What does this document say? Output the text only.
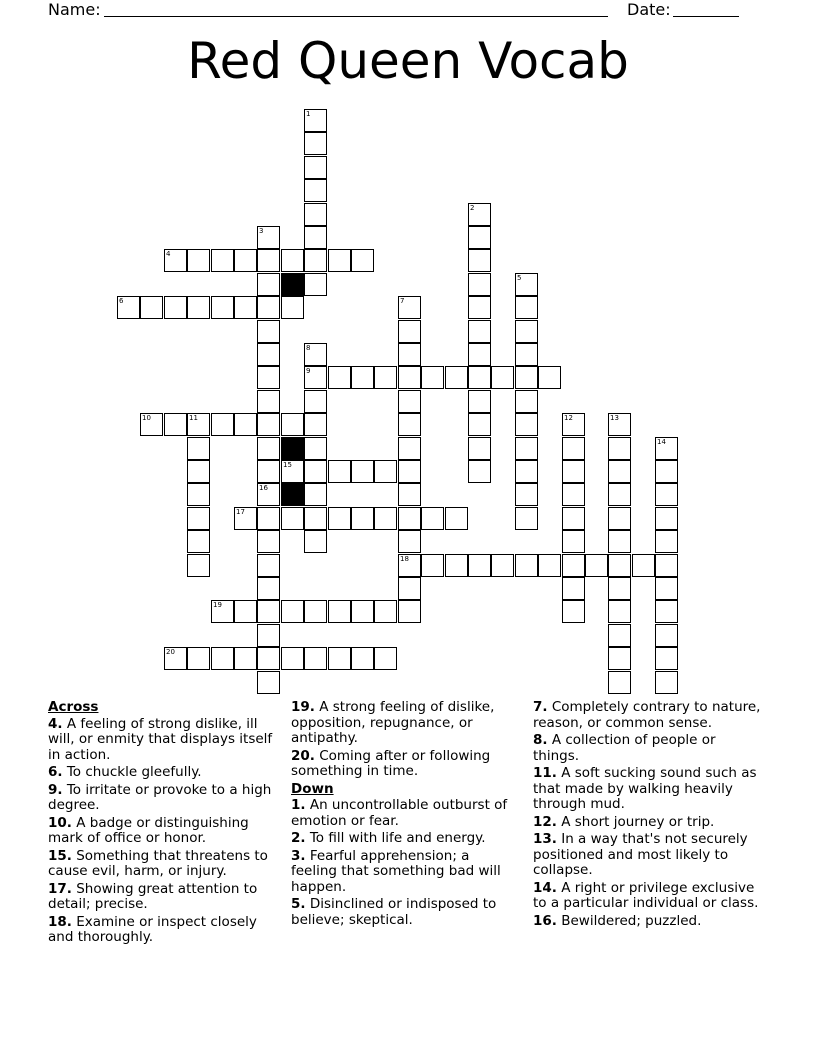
Name:	Date:
Red Queen Vocab
1
2
3
16
4
5
6	7
18
8
9
10	11	12	13
14
15
17
19
20

Across

4. A feeling of strong dislike, ill will, or enmity that displays itself in action.

6. To chuckle gleefully.

9. To irritate or provoke to a high degree.

10. A badge or distinguishing mark of office or honor.

15. Something that threatens to cause evil, harm, or injury.

17. Showing great attention to detail; precise.

18. Examine or inspect closely and thoroughly.

19. A strong feeling of dislike, opposition, repugnance, or antipathy.

20. Coming after or following something in time.

Down

1. An uncontrollable outburst of emotion or fear.

2. To fill with life and energy.

3. Fearful apprehension; a feeling that something bad will happen.

5. Disinclined or indisposed to believe; skeptical.

7. Completely contrary to nature, reason, or common sense.

8. A collection of people or things.

11. A soft sucking sound such as that made by walking heavily through mud.

12. A short journey or trip.

13. In a way that's not securely positioned and most likely to collapse.

14. A right or privilege exclusive to a particular individual or class.

16. Bewildered; puzzled.
